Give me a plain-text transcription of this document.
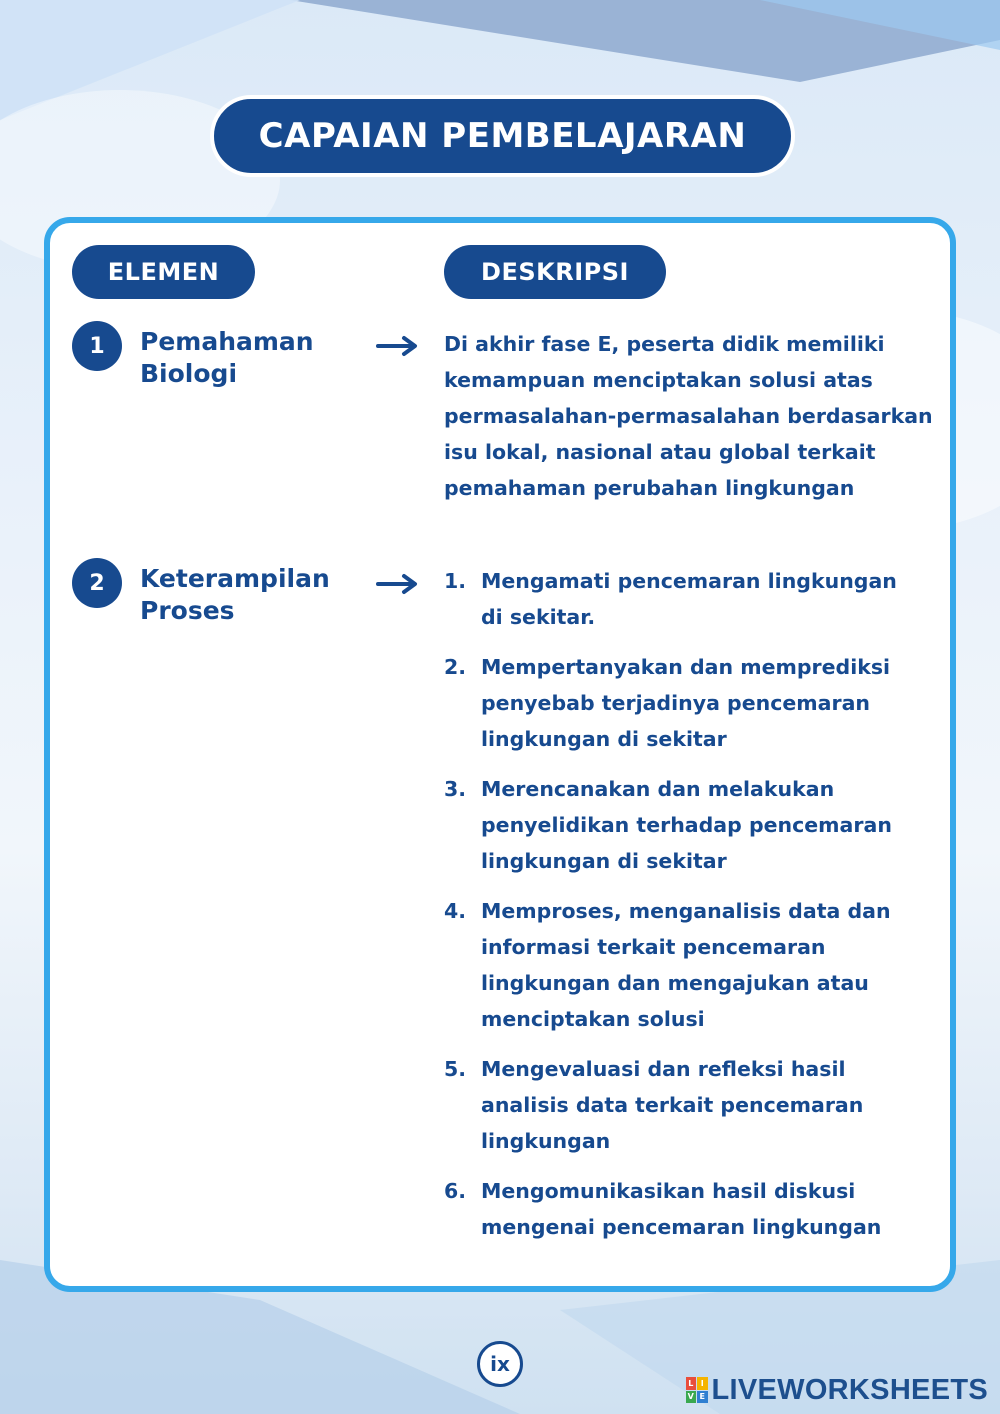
CAPAIAN PEMBELAJARAN
ELEMEN	DESKRIPSI
1	Pemahaman
Biologi
Di akhir fase E, peserta didik memiliki kemampuan menciptakan solusi atas permasalahan-permasalahan berdasarkan isu lokal, nasional atau global terkait pemahaman perubahan lingkungan
2	Keterampilan
Proses
1. Mengamati pencemaran lingkungan di sekitar.
2. Mempertanyakan dan memprediksi penyebab terjadinya pencemaran lingkungan di sekitar
3. Merencanakan dan melakukan penyelidikan terhadap pencemaran lingkungan di sekitar
4. Memproses, menganalisis data dan informasi terkait pencemaran lingkungan dan mengajukan atau menciptakan solusi
5. Mengevaluasi dan refleksi hasil analisis data terkait pencemaran lingkungan
6. Mengomunikasikan hasil diskusi mengenai pencemaran lingkungan
ix
L I
V E LIVEWORKSHEETS
